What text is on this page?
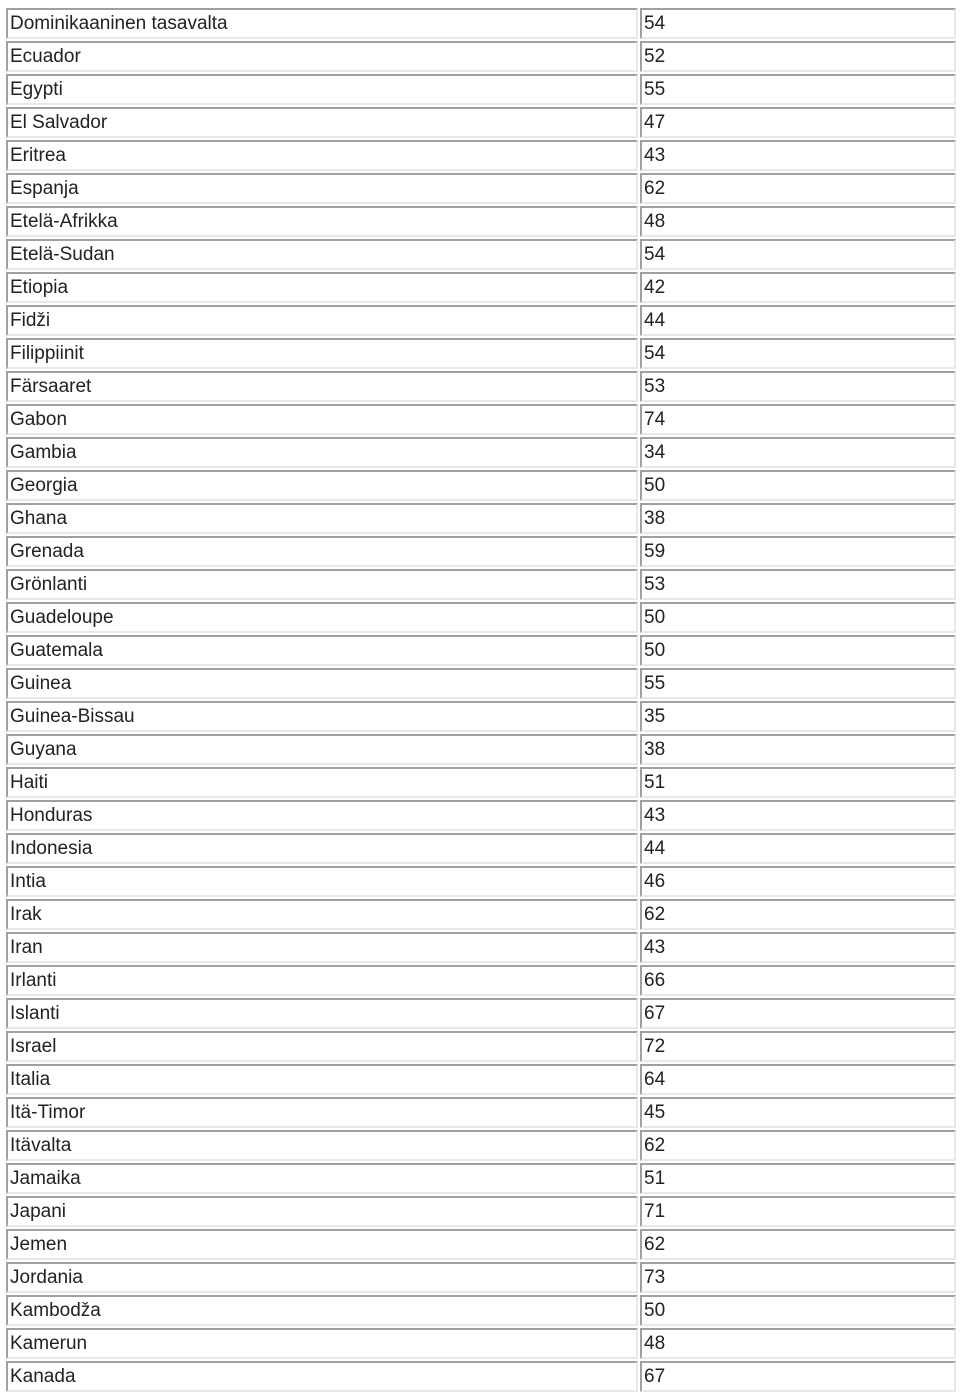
Dominikaaninen tasavalta	54
Ecuador	52
Egypti	55
El Salvador	47
Eritrea	43
Espanja	62
Etelä-Afrikka	48
Etelä-Sudan	54
Etiopia	42
Fidži	44
Filippiinit	54
Färsaaret	53
Gabon	74
Gambia	34
Georgia	50
Ghana	38
Grenada	59
Grönlanti	53
Guadeloupe	50
Guatemala	50
Guinea	55
Guinea-Bissau	35
Guyana	38
Haiti	51
Honduras	43
Indonesia	44
Intia	46
Irak	62
Iran	43
Irlanti	66
Islanti	67
Israel	72
Italia	64
Itä-Timor	45
Itävalta	62
Jamaika	51
Japani	71
Jemen	62
Jordania	73
Kambodža	50
Kamerun	48
Kanada	67
